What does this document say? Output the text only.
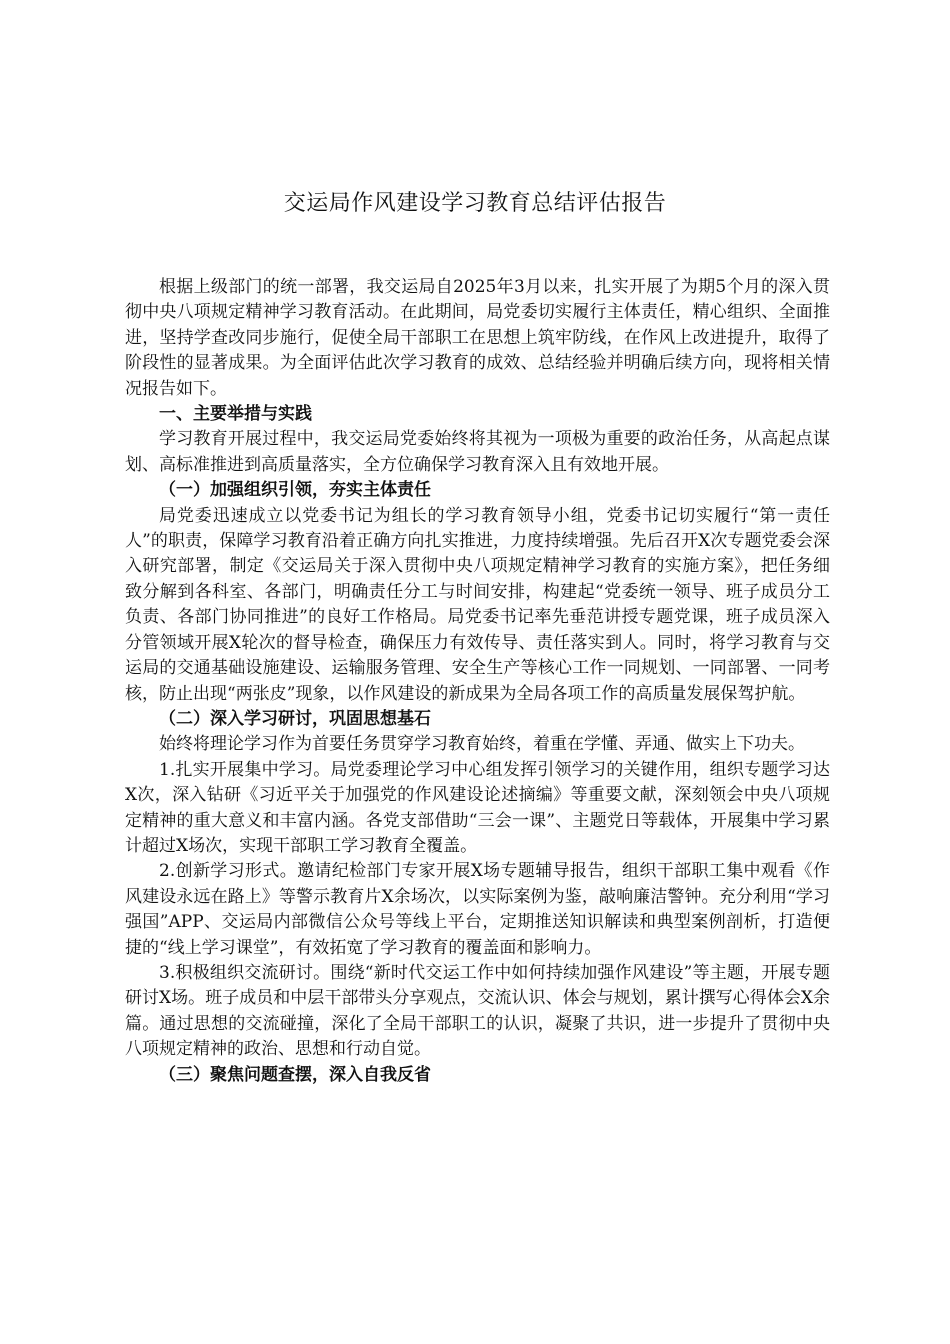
交运局作风建设学习教育总结评估报告

根据上级部门的统一部署，我交运局自2025年3月以来，扎实开展了为期5个月的深入贯彻中央八项规定精神学习教育活动。在此期间，局党委切实履行主体责任，精心组织、全面推进，坚持学查改同步施行，促使全局干部职工在思想上筑牢防线，在作风上改进提升，取得了阶段性的显著成果。为全面评估此次学习教育的成效、总结经验并明确后续方向，现将相关情况报告如下。

一、主要举措与实践

学习教育开展过程中，我交运局党委始终将其视为一项极为重要的政治任务，从高起点谋划、高标准推进到高质量落实，全方位确保学习教育深入且有效地开展。

（一）加强组织引领，夯实主体责任

局党委迅速成立以党委书记为组长的学习教育领导小组，党委书记切实履行“第一责任人”的职责，保障学习教育沿着正确方向扎实推进，力度持续增强。先后召开X次专题党委会深入研究部署，制定《交运局关于深入贯彻中央八项规定精神学习教育的实施方案》，把任务细致分解到各科室、各部门，明确责任分工与时间安排，构建起“党委统一领导、班子成员分工负责、各部门协同推进”的良好工作格局。局党委书记率先垂范讲授专题党课，班子成员深入分管领域开展X轮次的督导检查，确保压力有效传导、责任落实到人。同时，将学习教育与交运局的交通基础设施建设、运输服务管理、安全生产等核心工作一同规划、一同部署、一同考核，防止出现“两张皮”现象，以作风建设的新成果为全局各项工作的高质量发展保驾护航。

（二）深入学习研讨，巩固思想基石

始终将理论学习作为首要任务贯穿学习教育始终，着重在学懂、弄通、做实上下功夫。

1.扎实开展集中学习。局党委理论学习中心组发挥引领学习的关键作用，组织专题学习达X次，深入钻研《习近平关于加强党的作风建设论述摘编》等重要文献，深刻领会中央八项规定精神的重大意义和丰富内涵。各党支部借助“三会一课”、主题党日等载体，开展集中学习累计超过X场次，实现干部职工学习教育全覆盖。

2.创新学习形式。邀请纪检部门专家开展X场专题辅导报告，组织干部职工集中观看《作风建设永远在路上》等警示教育片X余场次，以实际案例为鉴，敲响廉洁警钟。充分利用“学习强国”APP、交运局内部微信公众号等线上平台，定期推送知识解读和典型案例剖析，打造便捷的“线上学习课堂”，有效拓宽了学习教育的覆盖面和影响力。

3.积极组织交流研讨。围绕“新时代交运工作中如何持续加强作风建设”等主题，开展专题研讨X场。班子成员和中层干部带头分享观点，交流认识、体会与规划，累计撰写心得体会X余篇。通过思想的交流碰撞，深化了全局干部职工的认识，凝聚了共识，进一步提升了贯彻中央八项规定精神的政治、思想和行动自觉。

（三）聚焦问题查摆，深入自我反省
